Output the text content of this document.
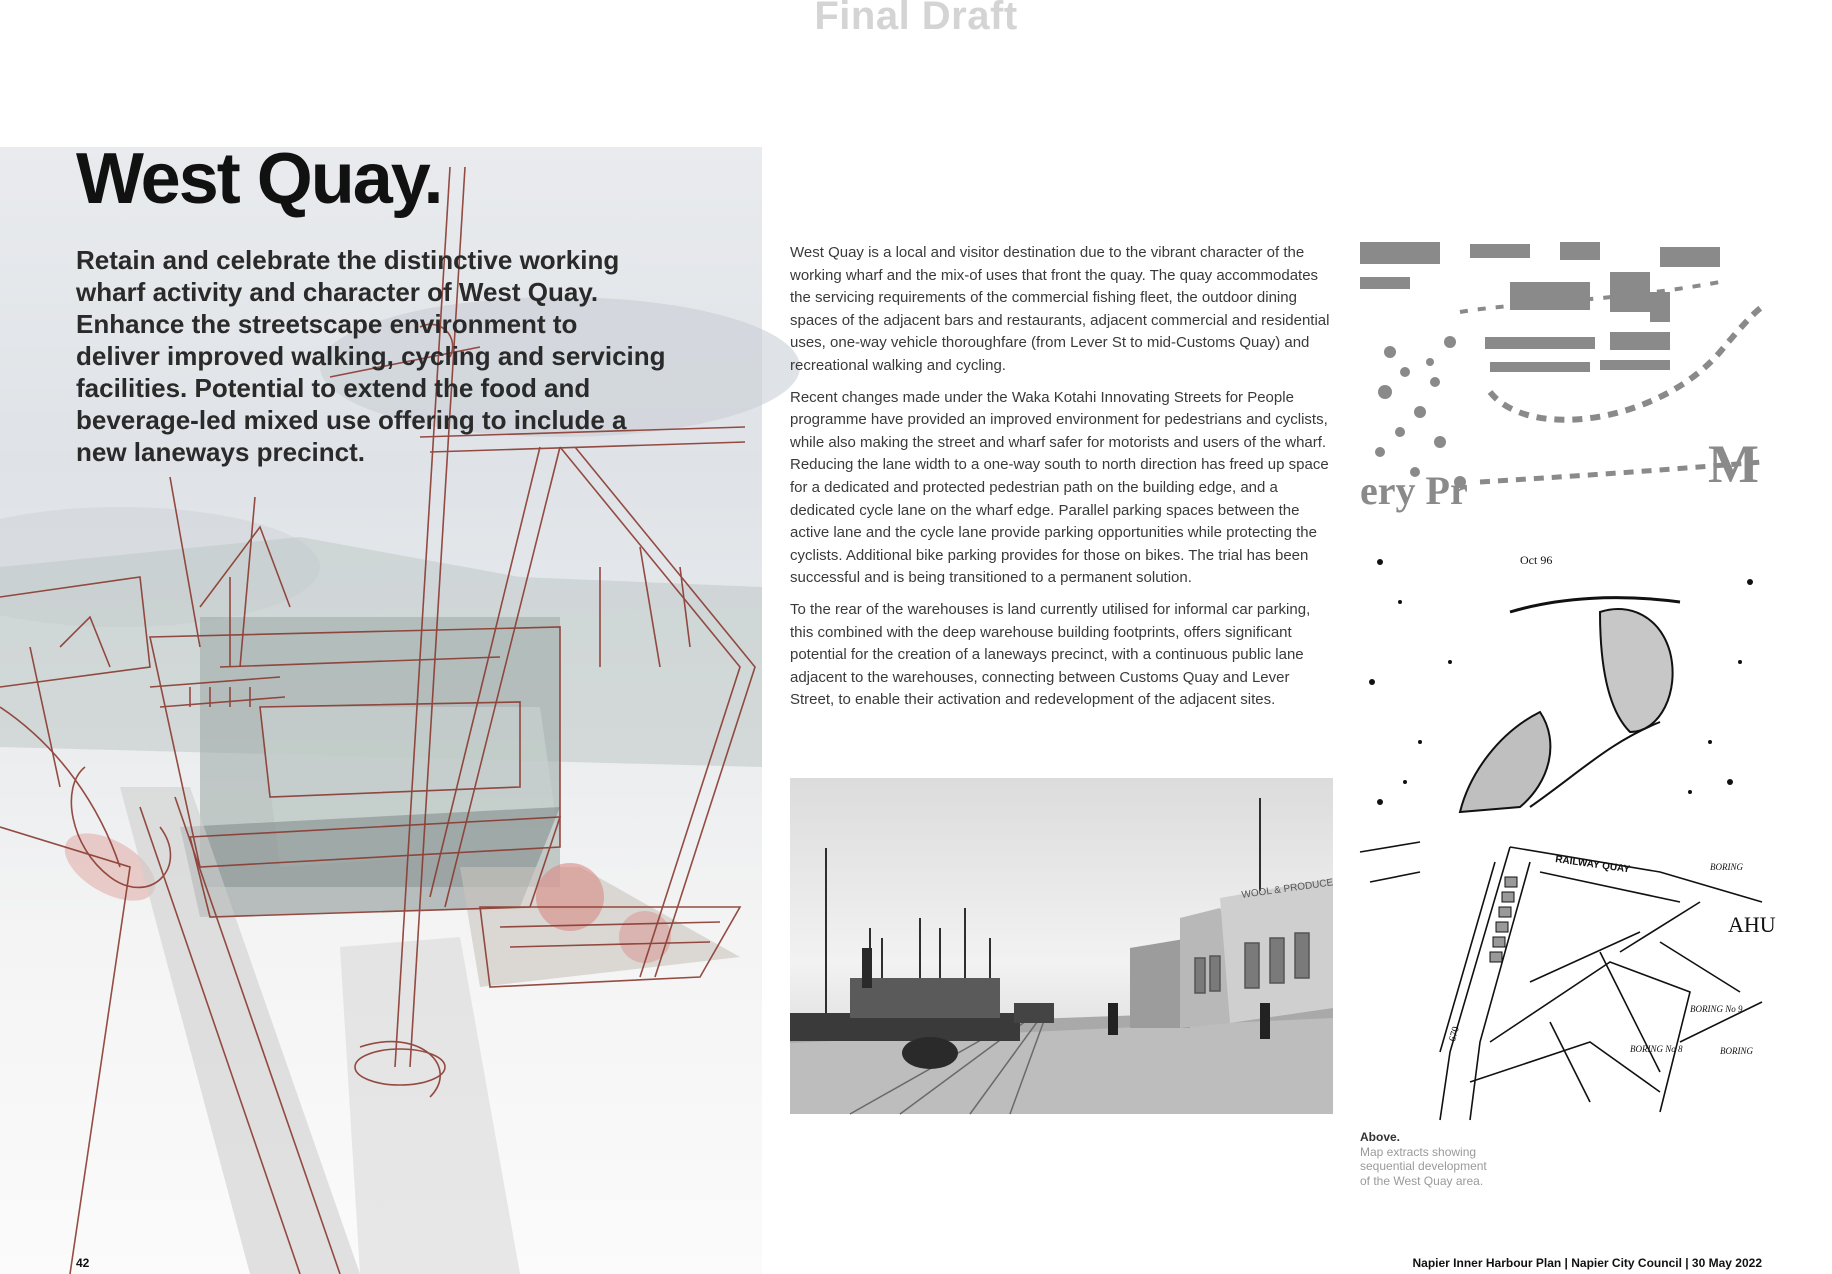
Final Draft
West Quay.

Retain and celebrate the distinctive working wharf activity and character of West Quay. Enhance the streetscape environment to deliver improved walking, cycling and servicing facilities. Potential to extend the food and beverage-led mixed use offering to include a new laneways precinct.

West Quay is a local and visitor destination due to the vibrant character of the working wharf and the mix-of uses that front the quay. The quay accommodates the servicing requirements of the commercial fishing fleet, the outdoor dining spaces of the adjacent bars and restaurants, adjacent commercial and residential uses, one-way vehicle thoroughfare (from Lever St to mid-Customs Quay) and recreational walking and cycling.

Recent changes made under the Waka Kotahi Innovating Streets for People programme have provided an improved environment for pedestrians and cyclists, while also making the street and wharf safer for motorists and users of the wharf. Reducing the lane width to a one-way south to north direction has freed up space for a dedicated and protected pedestrian path on the building edge, and a dedicated cycle lane on the wharf edge. Parallel parking spaces between the active lane and the cycle lane provide parking opportunities while protecting the cyclists. Additional bike parking provides for those on bikes. The trial has been successful and is being transitioned to a permanent solution.

To the rear of the warehouses is land currently utilised for informal car parking, this combined with the deep warehouse building footprints, offers significant potential for the creation of a laneways precinct, with a continuous public lane adjacent to the warehouses, connecting between Customs Quay and Lever Street, to enable their activation and redevelopment of the adjacent sites.

WOOL & PRODUCE
M
ery Pr
Oct 96
RAILWAY QUAY	BORING
AHU
BORING No 9
BORING No 8	BORING
670
Above.
Map extracts showing sequential development of the West Quay area.
42	Napier Inner Harbour Plan | Napier City Council | 30 May 2022
